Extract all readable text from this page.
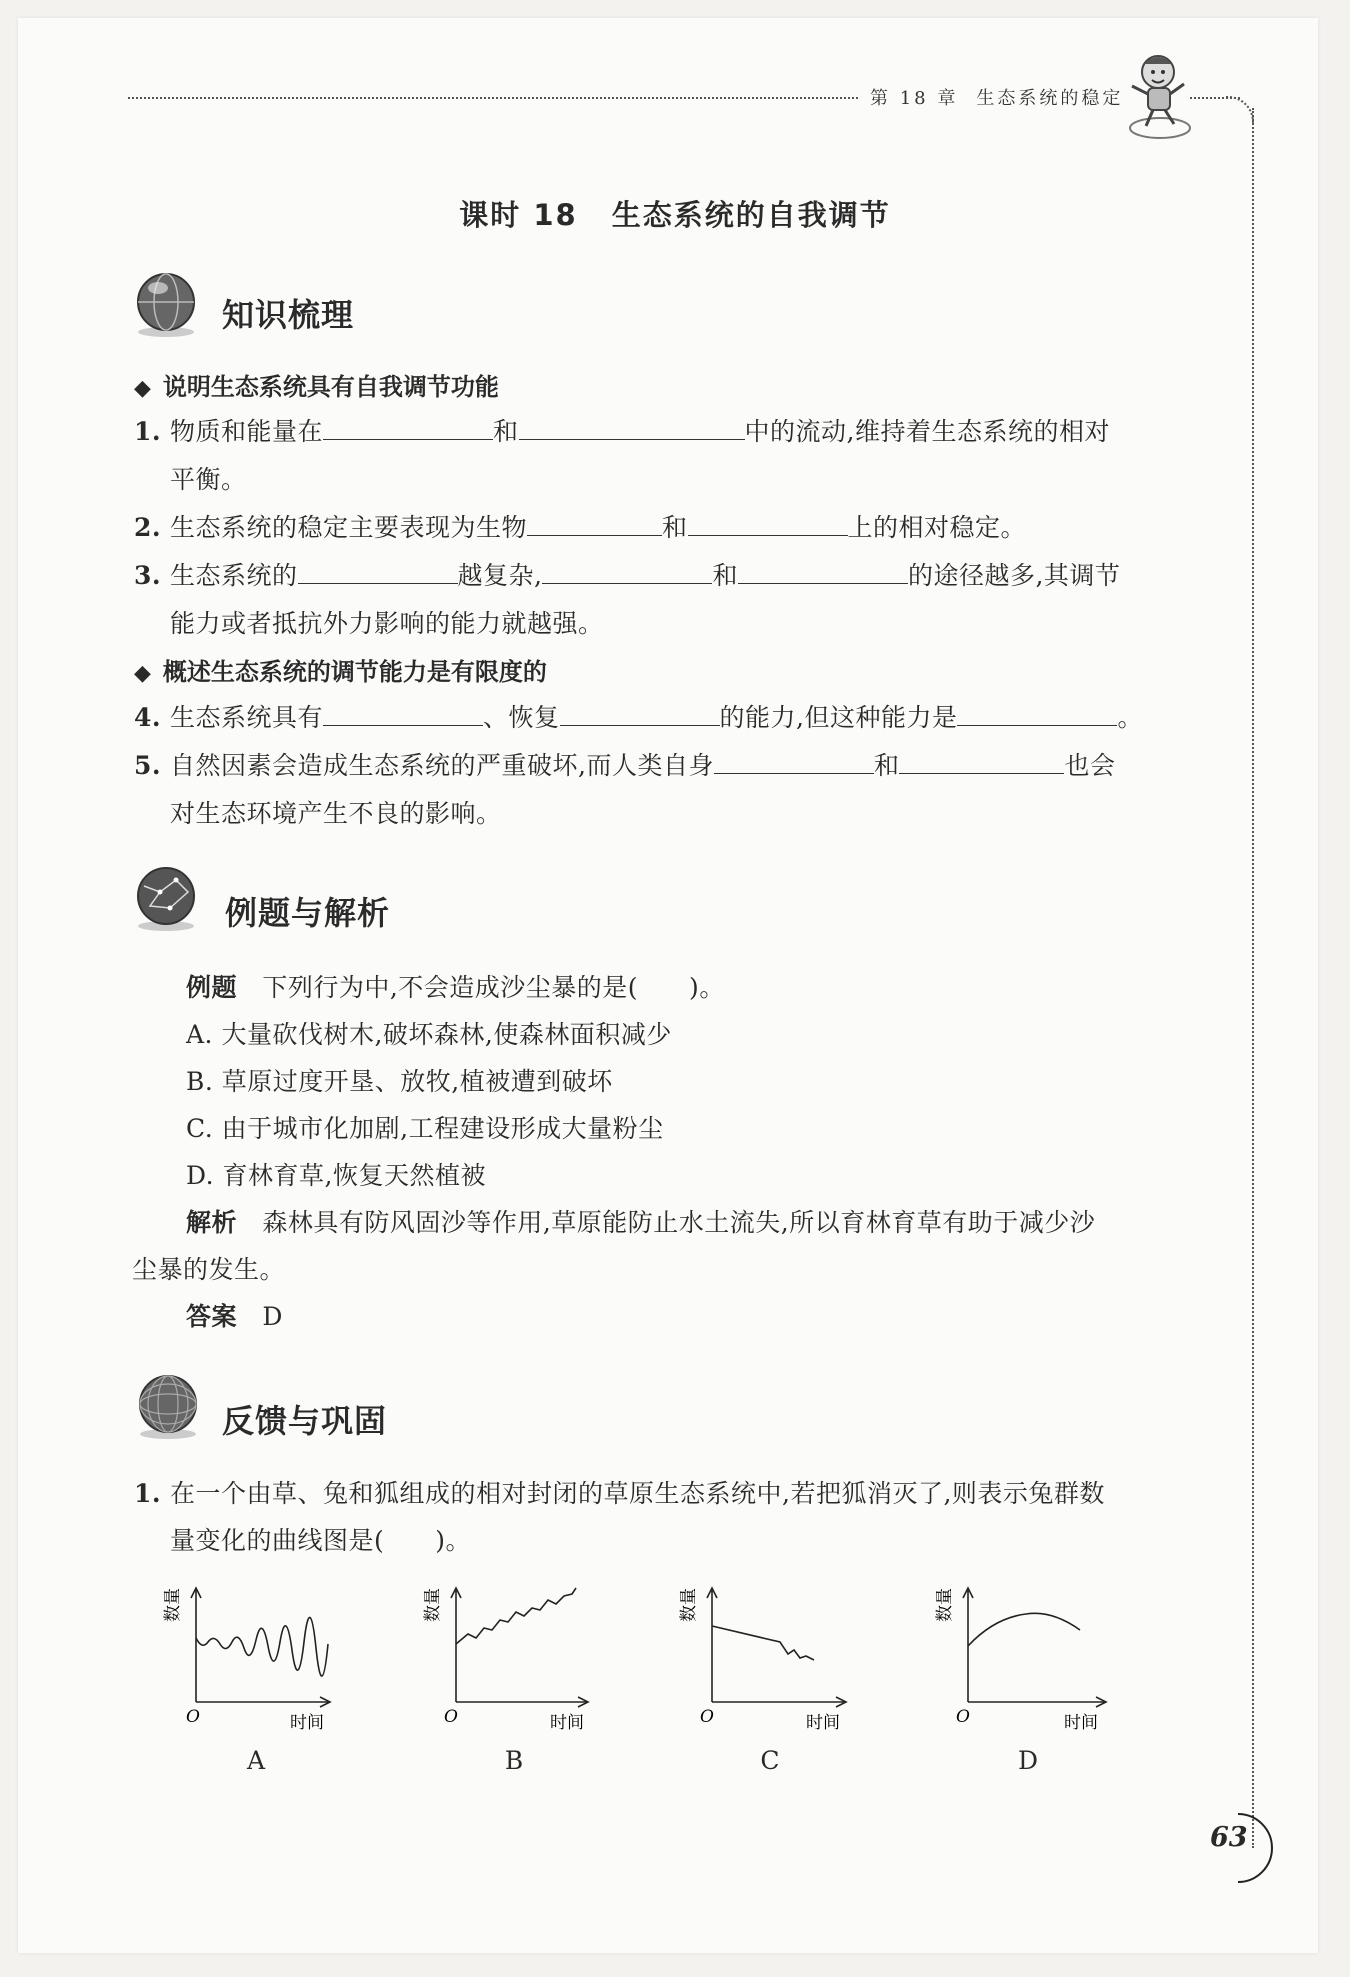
第 18 章 生态系统的稳定
课时 18 生态系统的自我调节
知识梳理
◆ 说明生态系统具有自我调节功能
1. 物质和能量在	和	中的流动,维持着生态系统的相对
平衡。
2. 生态系统的稳定主要表现为生物	和	上的相对稳定。
3. 生态系统的	越复杂,	和	的途径越多,其调节
能力或者抵抗外力影响的能力就越强。
◆ 概述生态系统的调节能力是有限度的
4. 生态系统具有	、恢复	的能力,但这种能力是	。
5. 自然因素会造成生态系统的严重破坏,而人类自身	和	也会
对生态环境产生不良的影响。
例题与解析
例题 下列行为中,不会造成沙尘暴的是(　　)。
A. 大量砍伐树木,破坏森林,使森林面积减少
B. 草原过度开垦、放牧,植被遭到破坏
C. 由于城市化加剧,工程建设形成大量粉尘
D. 育林育草,恢复天然植被
解析 森林具有防风固沙等作用,草原能防止水土流失,所以育林育草有助于减少沙
尘暴的发生。
答案 D
反馈与巩固
1. 在一个由草、兔和狐组成的相对封闭的草原生态系统中,若把狐消灭了,则表示兔群数
量变化的曲线图是(　　)。
数量
O	时间
数量
O	时间
数量
O	时间
数量
O	时间
A	B	C	D
63
